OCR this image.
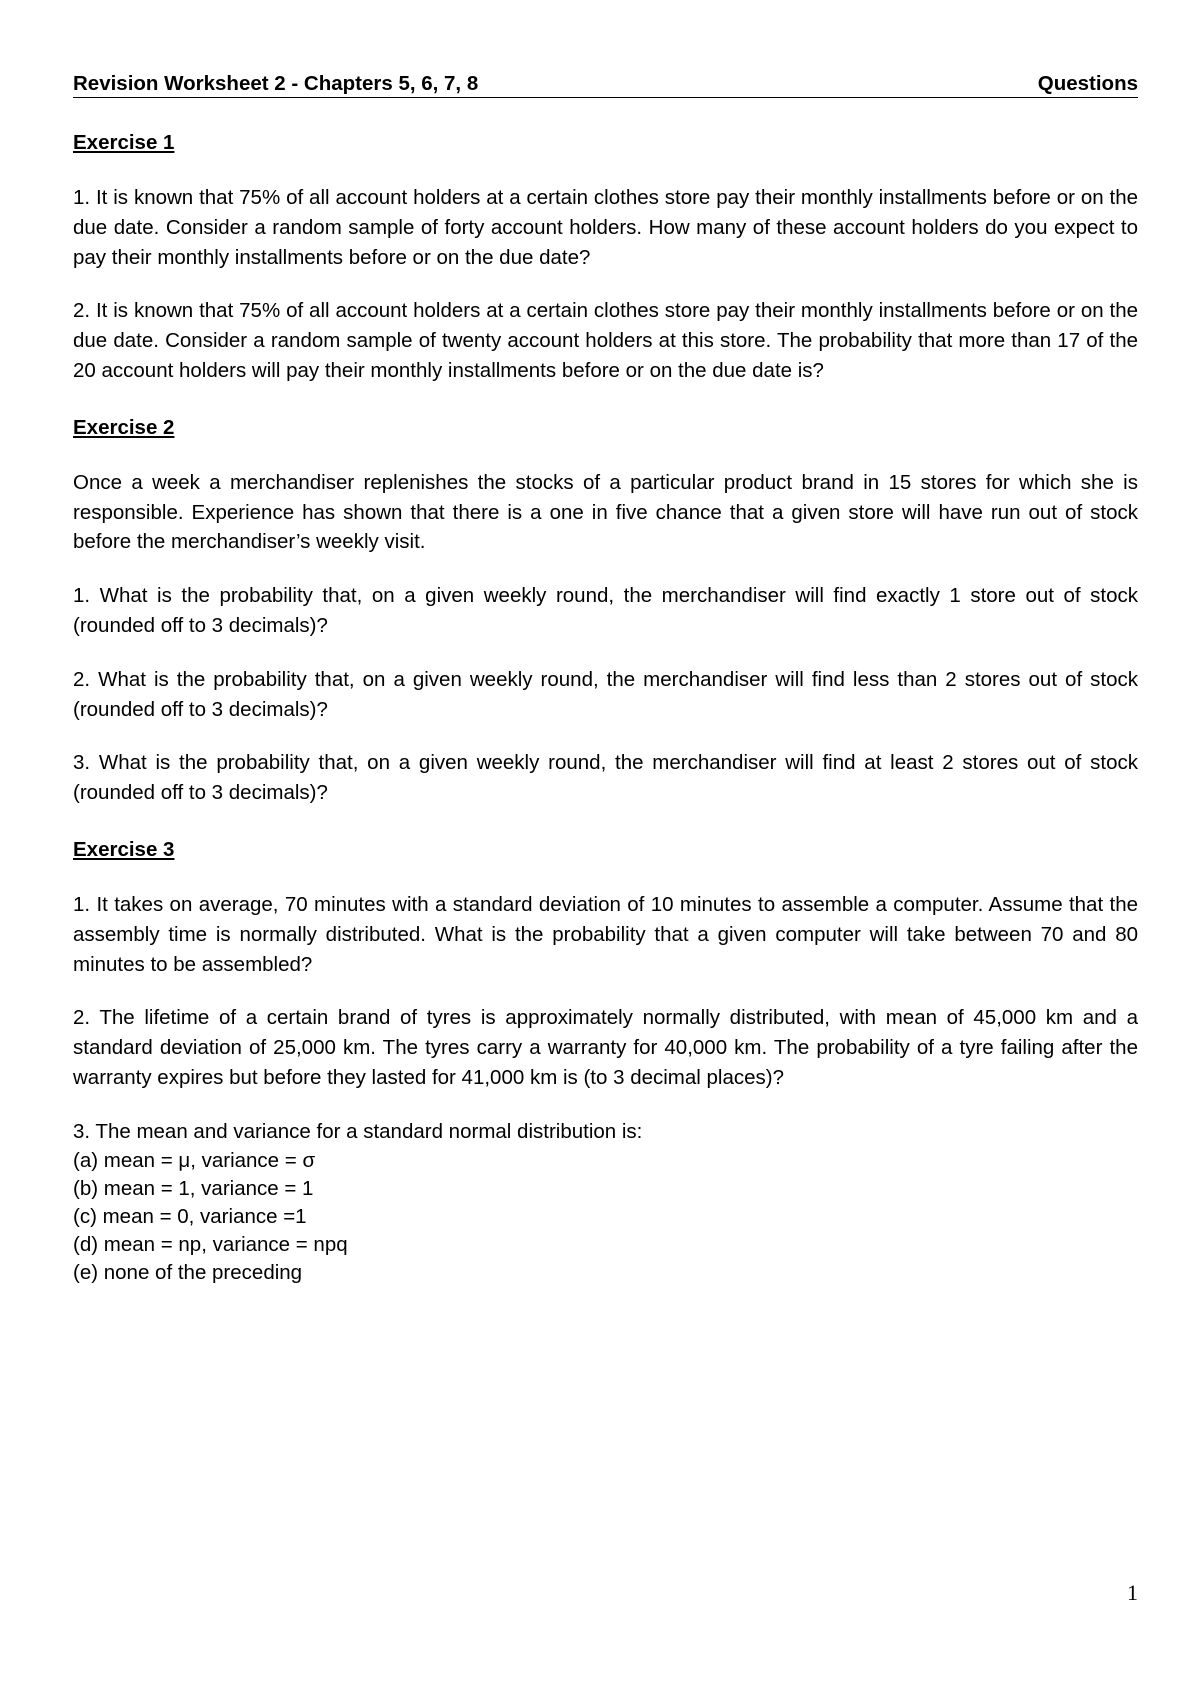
Revision Worksheet 2 - Chapters 5, 6, 7, 8	Questions
Exercise 1

1. It is known that 75% of all account holders at a certain clothes store pay their monthly installments before or on the due date. Consider a random sample of forty account holders. How many of these account holders do you expect to pay their monthly installments before or on the due date?

2. It is known that 75% of all account holders at a certain clothes store pay their monthly installments before or on the due date. Consider a random sample of twenty account holders at this store. The probability that more than 17 of the 20 account holders will pay their monthly installments before or on the due date is?

Exercise 2

Once a week a merchandiser replenishes the stocks of a particular product brand in 15 stores for which she is responsible. Experience has shown that there is a one in five chance that a given store will have run out of stock before the merchandiser’s weekly visit.

1. What is the probability that, on a given weekly round, the merchandiser will find exactly 1 store out of stock (rounded off to 3 decimals)?

2. What is the probability that, on a given weekly round, the merchandiser will find less than 2 stores out of stock (rounded off to 3 decimals)?

3. What is the probability that, on a given weekly round, the merchandiser will find at least 2 stores out of stock (rounded off to 3 decimals)?

Exercise 3

1. It takes on average, 70 minutes with a standard deviation of 10 minutes to assemble a computer. Assume that the assembly time is normally distributed. What is the probability that a given computer will take between 70 and 80 minutes to be assembled?

2. The lifetime of a certain brand of tyres is approximately normally distributed, with mean of 45,000 km and a standard deviation of 25,000 km. The tyres carry a warranty for 40,000 km. The probability of a tyre failing after the warranty expires but before they lasted for 41,000 km is (to 3 decimal places)?

3. The mean and variance for a standard normal distribution is:

(a) mean = μ, variance = σ
(b) mean = 1, variance = 1
(c) mean = 0, variance =1
(d) mean = np, variance = npq
(e) none of the preceding
1
